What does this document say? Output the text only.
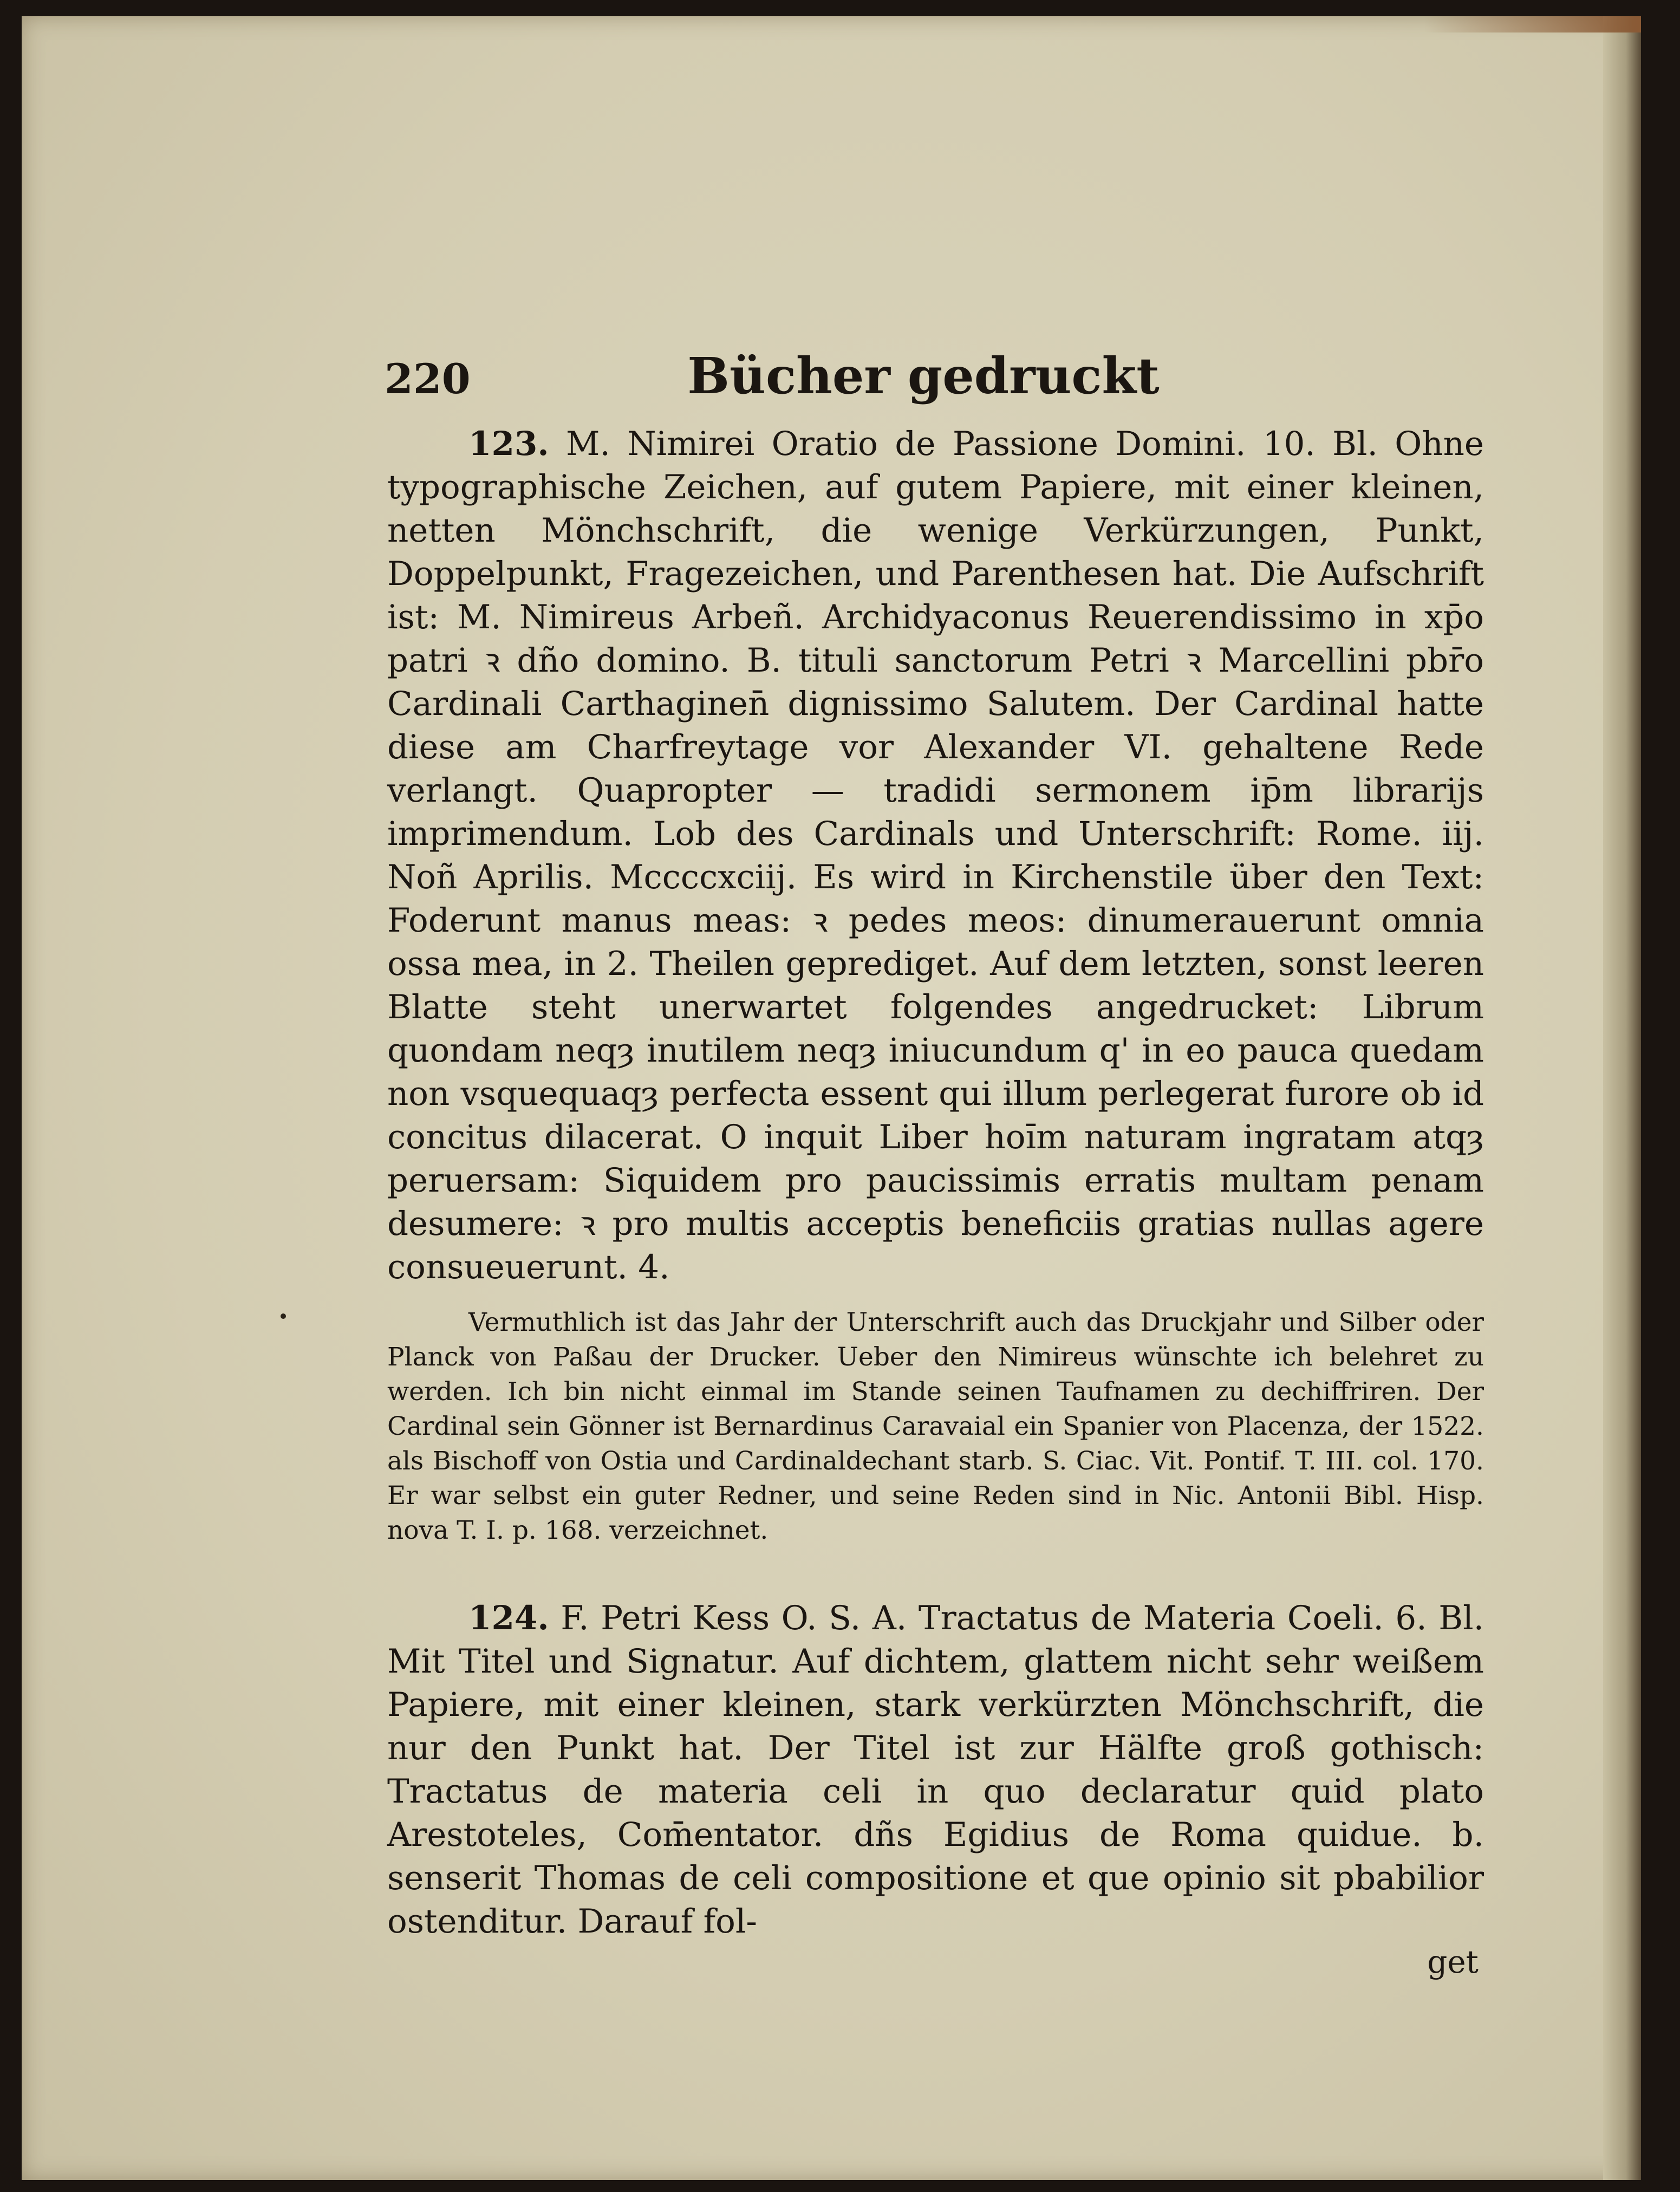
220	Bücher gedruckt

123. M. Nimirei Oratio de Passione Domini. 10. Bl. Ohne typographische Zeichen, auf gutem Papiere, mit einer kleinen, netten Mönchschrift, die wenige Verkürzungen, Punkt, Doppelpunkt, Fragezeichen, und Parenthesen hat. Die Aufschrift ist: M. Nimireus Arbeñ. Archidyaconus Reuerendissimo in xp̄o patri ꝛ dño domino. B. tituli sanctorum Petri ꝛ Marcellini pbr̄o Cardinali Carthaginen̄ dignissimo Salutem. Der Cardinal hatte diese am Charfreytage vor Alexander VI. gehaltene Rede verlangt. Quapropter — tradidi sermonem ip̄m librarijs imprimendum. Lob des Cardinals und Unterschrift: Rome. iij. Noñ Aprilis. Mccccxciij. Es wird in Kirchenstile über den Text: Foderunt manus meas: ꝛ pedes meos: dinumerauerunt omnia ossa mea, in 2. Theilen geprediget. Auf dem letzten, sonst leeren Blatte steht unerwartet folgendes angedrucket: Librum quondam neqȝ inutilem neqȝ iniucundum q' in eo pauca quedam non vsquequaqȝ perfecta essent qui illum perlegerat furore ob id concitus dilacerat. O inquit Liber hoı̄m naturam ingratam atqȝ peruersam: Siquidem pro paucissimis erratis multam penam desumere: ꝛ pro multis acceptis beneficiis gratias nullas agere consueuerunt. 4.

Vermuthlich ist das Jahr der Unterschrift auch das Druckjahr und Silber oder Planck von Paßau der Drucker. Ueber den Nimireus wünschte ich belehret zu werden. Ich bin nicht einmal im Stande seinen Taufnamen zu dechiffriren. Der Cardinal sein Gönner ist Bernardinus Caravaial ein Spanier von Placenza, der 1522. als Bischoff von Ostia und Cardinaldechant starb. S. Ciac. Vit. Pontif. T. III. col. 170. Er war selbst ein guter Redner, und seine Reden sind in Nic. Antonii Bibl. Hisp. nova T. I. p. 168. verzeichnet.

124. F. Petri Kess O. S. A. Tractatus de Materia Coeli. 6. Bl. Mit Titel und Signatur. Auf dichtem, glattem nicht sehr weißem Papiere, mit einer kleinen, stark verkürzten Mönchschrift, die nur den Punkt hat. Der Titel ist zur Hälfte groß gothisch: Tractatus de materia celi in quo declaratur quid plato Arestoteles, Com̄entator. dñs Egidius de Roma quidue. b. senserit Thomas de celi compositione et que opinio sit pbabilior ostenditur. Darauf fol-

get
